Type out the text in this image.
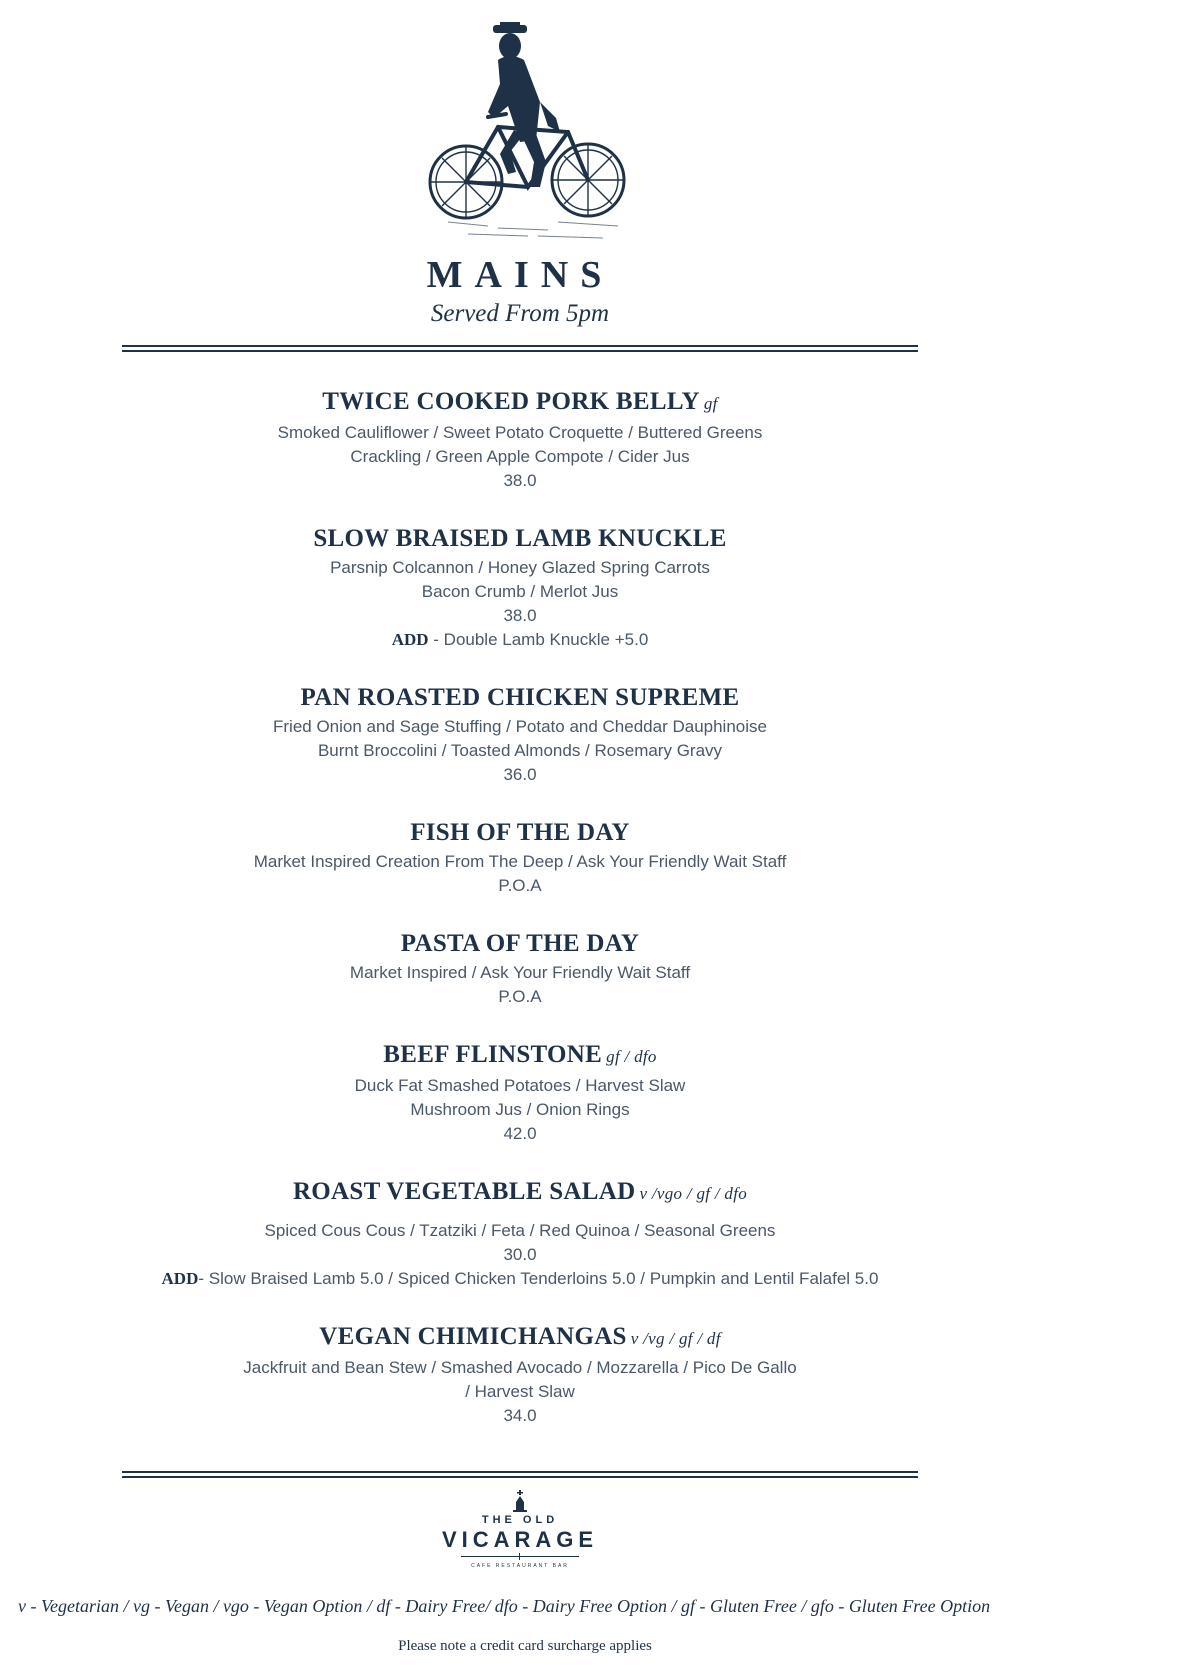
MAINS
Served From 5pm

TWICE COOKED PORK BELLY gf

Smoked Cauliflower / Sweet Potato Croquette / Buttered Greens

Crackling / Green Apple Compote / Cider Jus

38.0

SLOW BRAISED LAMB KNUCKLE

Parsnip Colcannon / Honey Glazed Spring Carrots

Bacon Crumb / Merlot Jus

38.0

ADD - Double Lamb Knuckle +5.0

PAN ROASTED CHICKEN SUPREME

Fried Onion and Sage Stuffing / Potato and Cheddar Dauphinoise

Burnt Broccolini / Toasted Almonds / Rosemary Gravy

36.0

FISH OF THE DAY

Market Inspired Creation From The Deep / Ask Your Friendly Wait Staff

P.O.A

PASTA OF THE DAY

Market Inspired / Ask Your Friendly Wait Staff

P.O.A

BEEF FLINSTONE gf / dfo

Duck Fat Smashed Potatoes / Harvest Slaw

Mushroom Jus / Onion Rings

42.0

ROAST VEGETABLE SALAD v /vgo / gf / dfo

Spiced Cous Cous / Tzatziki / Feta / Red Quinoa / Seasonal Greens

30.0

ADD- Slow Braised Lamb 5.0 / Spiced Chicken Tenderloins 5.0 / Pumpkin and Lentil Falafel 5.0

VEGAN CHIMICHANGAS v /vg / gf / df

Jackfruit and Bean Stew / Smashed Avocado / Mozzarella / Pico De Gallo

/ Harvest Slaw

34.0

THE OLD
VICARAGE
CAFE RESTAURANT BAR
v - Vegetarian / vg - Vegan / vgo - Vegan Option / df - Dairy Free/ dfo - Dairy Free Option / gf - Gluten Free / gfo - Gluten Free Option
Please note a credit card surcharge applies
